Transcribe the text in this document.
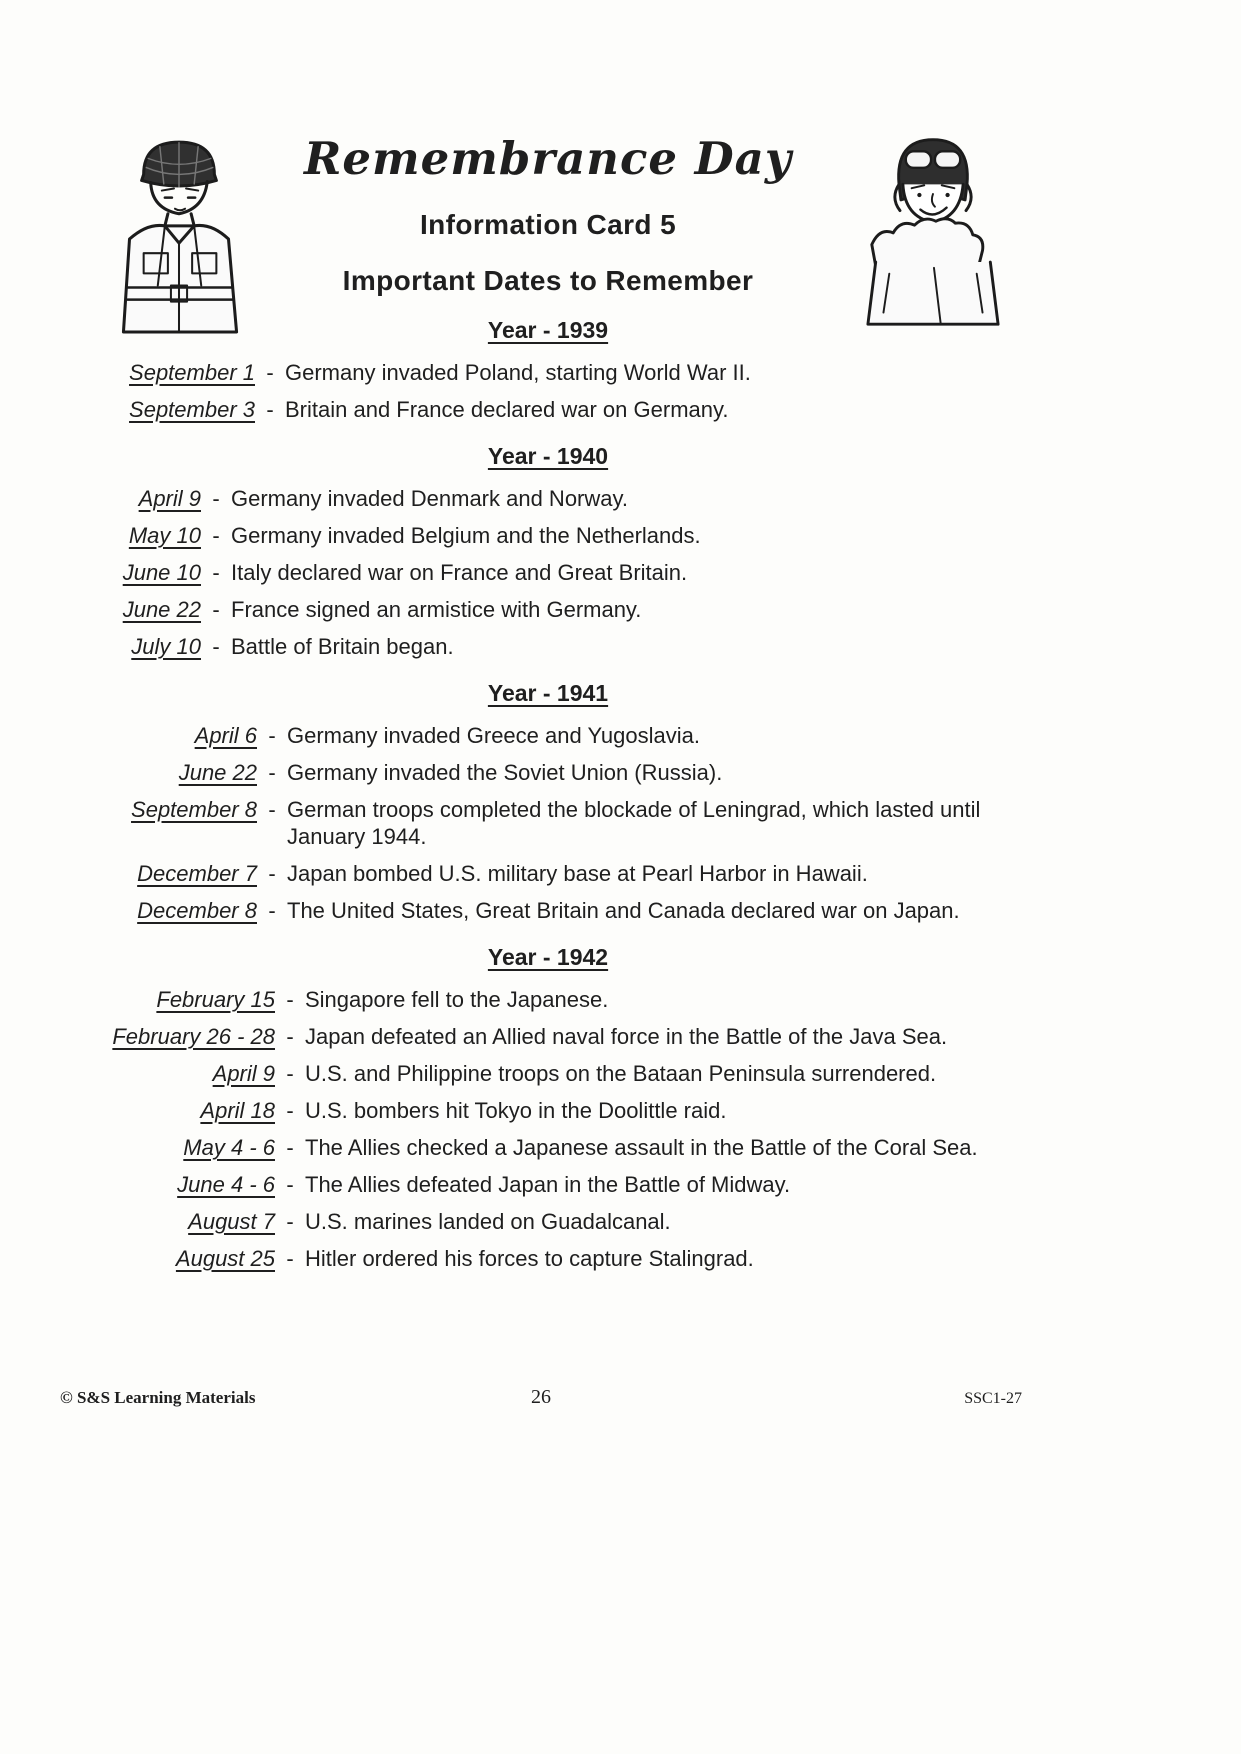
Remembrance Day
Information Card 5
Important Dates to Remember
Year - 1939
September 1 - Germany invaded Poland, starting World War II.
September 3 - Britain and France declared war on Germany.
Year - 1940
April 9 - Germany invaded Denmark and Norway.
May 10 - Germany invaded Belgium and the Netherlands.
June 10 - Italy declared war on France and Great Britain.
June 22 - France signed an armistice with Germany.
July 10 - Battle of Britain began.
Year - 1941
April 6 - Germany invaded Greece and Yugoslavia.
June 22 - Germany invaded the Soviet Union (Russia).
September 8 - German troops completed the blockade of Leningrad, which lasted until January 1944.
December 7 - Japan bombed U.S. military base at Pearl Harbor in Hawaii.
December 8 - The United States, Great Britain and Canada declared war on Japan.
Year - 1942
February 15 - Singapore fell to the Japanese.
February 26 - 28 - Japan defeated an Allied naval force in the Battle of the Java Sea.
April 9 - U.S. and Philippine troops on the Bataan Peninsula surrendered.
April 18 - U.S. bombers hit Tokyo in the Doolittle raid.
May 4 - 6 - The Allies checked a Japanese assault in the Battle of the Coral Sea.
June 4 - 6 - The Allies defeated Japan in the Battle of Midway.
August 7 - U.S. marines landed on Guadalcanal.
August 25 - Hitler ordered his forces to capture Stalingrad.
© S&S Learning Materials	26	SSC1-27
